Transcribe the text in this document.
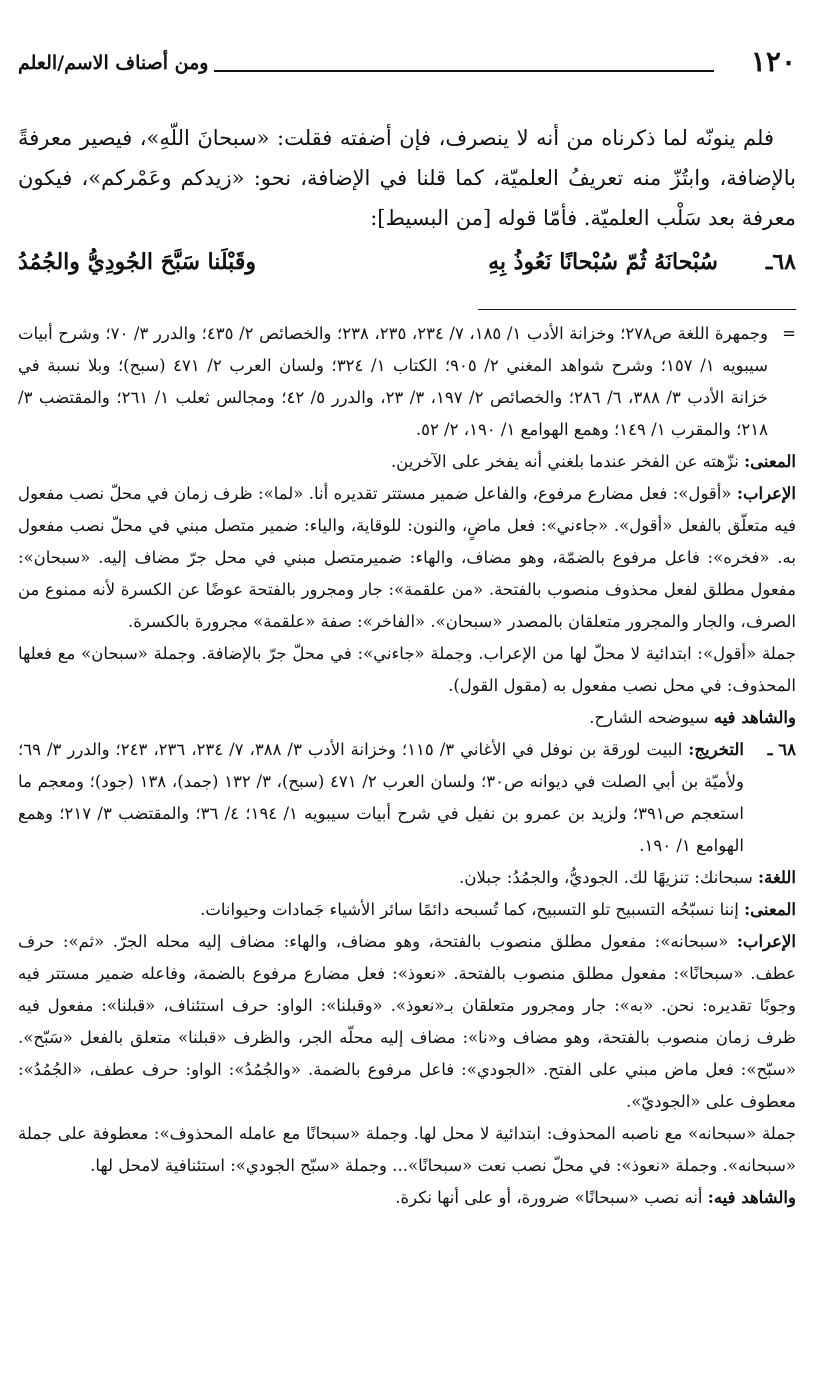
١٢٠
ومن أصناف الاسم/العلم

فلم ينونّه لما ذكرناه من أنه لا ينصرف، فإن أضفته فقلت: «سبحانَ اللّهِ»، فيصير معرفةً بالإضافة، وابتُزّ منه تعريفُ العلميّة، كما قلنا في الإضافة، نحو: «زيدكم وعَمْركم»، فيكون معرفة بعد سَلْب العلميّة. فأمّا قوله [من البسيط]:

٦٨ـ
سُبْحانَهُ ثُمّ سُبْحانًا نَعُوذُ بِهِ
وقَبْلَنا سَبَّحَ الجُودِيُّ والجُمُدُ

=
وجمهرة اللغة ص٢٧٨؛ وخزانة الأدب ١/ ١٨٥، ٧/ ٢٣٤، ٢٣٥، ٢٣٨؛ والخصائص ٢/ ٤٣٥؛ والدرر ٣/ ٧٠؛ وشرح أبيات سيبويه ١/ ١٥٧؛ وشرح شواهد المغني ٢/ ٩٠٥؛ الكتاب ١/ ٣٢٤؛ ولسان العرب ٢/ ٤٧١ (سبح)؛ وبلا نسبة في خزانة الأدب ٣/ ٣٨٨، ٦/ ٢٨٦؛ والخصائص ٢/ ١٩٧، ٣/ ٢٣، والدرر ٥/ ٤٢؛ ومجالس ثعلب ١/ ٢٦١؛ والمقتضب ٣/ ٢١٨؛ والمقرب ١/ ١٤٩؛ وهمع الهوامع ١/ ١٩٠، ٢/ ٥٢.

المعنى: نزّهته عن الفخر عندما بلغني أنه يفخر على الآخرين.

الإعراب: «أقول»: فعل مضارع مرفوع، والفاعل ضمير مستتر تقديره أنا. «لما»: ظرف زمان في محلّ نصب مفعول فيه متعلّق بالفعل «أقول». «جاءني»: فعل ماضٍ، والنون: للوقاية، والياء: ضمير متصل مبني في محلّ نصب مفعول به. «فخره»: فاعل مرفوع بالضمّة، وهو مضاف، والهاء: ضميرمتصل مبني في محل جرّ مضاف إليه. «سبحان»: مفعول مطلق لفعل محذوف منصوب بالفتحة. «من علقمة»: جار ومجرور بالفتحة عوضًا عن الكسرة لأنه ممنوع من الصرف، والجار والمجرور متعلقان بالمصدر «سبحان». «الفاخر»: صفة «علقمة» مجرورة بالكسرة.

جملة «أقول»: ابتدائية لا محلّ لها من الإعراب. وجملة «جاءني»: في محلّ جرّ بالإضافة. وجملة «سبحان» مع فعلها المحذوف: في محل نصب مفعول به (مقول القول).

والشاهد فيه سيوضحه الشارح.

٦٨ ـ
التخريج: البيت لورقة بن نوفل في الأغاني ٣/ ١١٥؛ وخزانة الأدب ٣/ ٣٨٨، ٧/ ٢٣٤، ٢٣٦، ٢٤٣؛ والدرر ٣/ ٦٩؛ ولأميّة بن أبي الصلت في ديوانه ص٣٠؛ ولسان العرب ٢/ ٤٧١ (سبح)، ٣/ ١٣٢ (جمد)، ١٣٨ (جود)؛ ومعجم ما استعجم ص٣٩١؛ ولزيد بن عمرو بن نفيل في شرح أبيات سيبويه ١/ ١٩٤؛ ٤/ ٣٦؛ والمقتضب ٣/ ٢١٧؛ وهمع الهوامع ١/ ١٩٠.

اللغة: سبحانك: تنزيهًا لك. الجوديُّ، والجمُدُ: جبلان.

المعنى: إننا نسبّحُه التسبيح تلو التسبيح، كما تُسبحه دائمًا سائر الأشياء جَمادات وحيوانات.

الإعراب: «سبحانه»: مفعول مطلق منصوب بالفتحة، وهو مضاف، والهاء: مضاف إليه محله الجرّ. «ثم»: حرف عطف. «سبحانًا»: مفعول مطلق منصوب بالفتحة. «نعوذ»: فعل مضارع مرفوع بالضمة، وفاعله ضمير مستتر فيه وجوبًا تقديره: نحن. «به»: جار ومجرور متعلقان بـ«نعوذ». «وقبلنا»: الواو: حرف استئناف، «قبلنا»: مفعول فيه ظرف زمان منصوب بالفتحة، وهو مضاف و«نا»: مضاف إليه محلّه الجر، والظرف «قبلنا» متعلق بالفعل «سَبّح». «سبّح»: فعل ماض مبني على الفتح. «الجودي»: فاعل مرفوع بالضمة. «والجُمُدُ»: الواو: حرف عطف، «الجُمُدُ»: معطوف على «الجوديّ».

جملة «سبحانه» مع ناصبه المحذوف: ابتدائية لا محل لها. وجملة «سبحانًا مع عامله المحذوف»: معطوفة على جملة «سبحانه». وجملة «نعوذ»: في محلّ نصب نعت «سبحانًا»... وجملة «سبّح الجودي»: استئنافية لامحل لها.

والشاهد فيه: أنه نصب «سبحانًا» ضرورة، أو على أنها نكرة.
